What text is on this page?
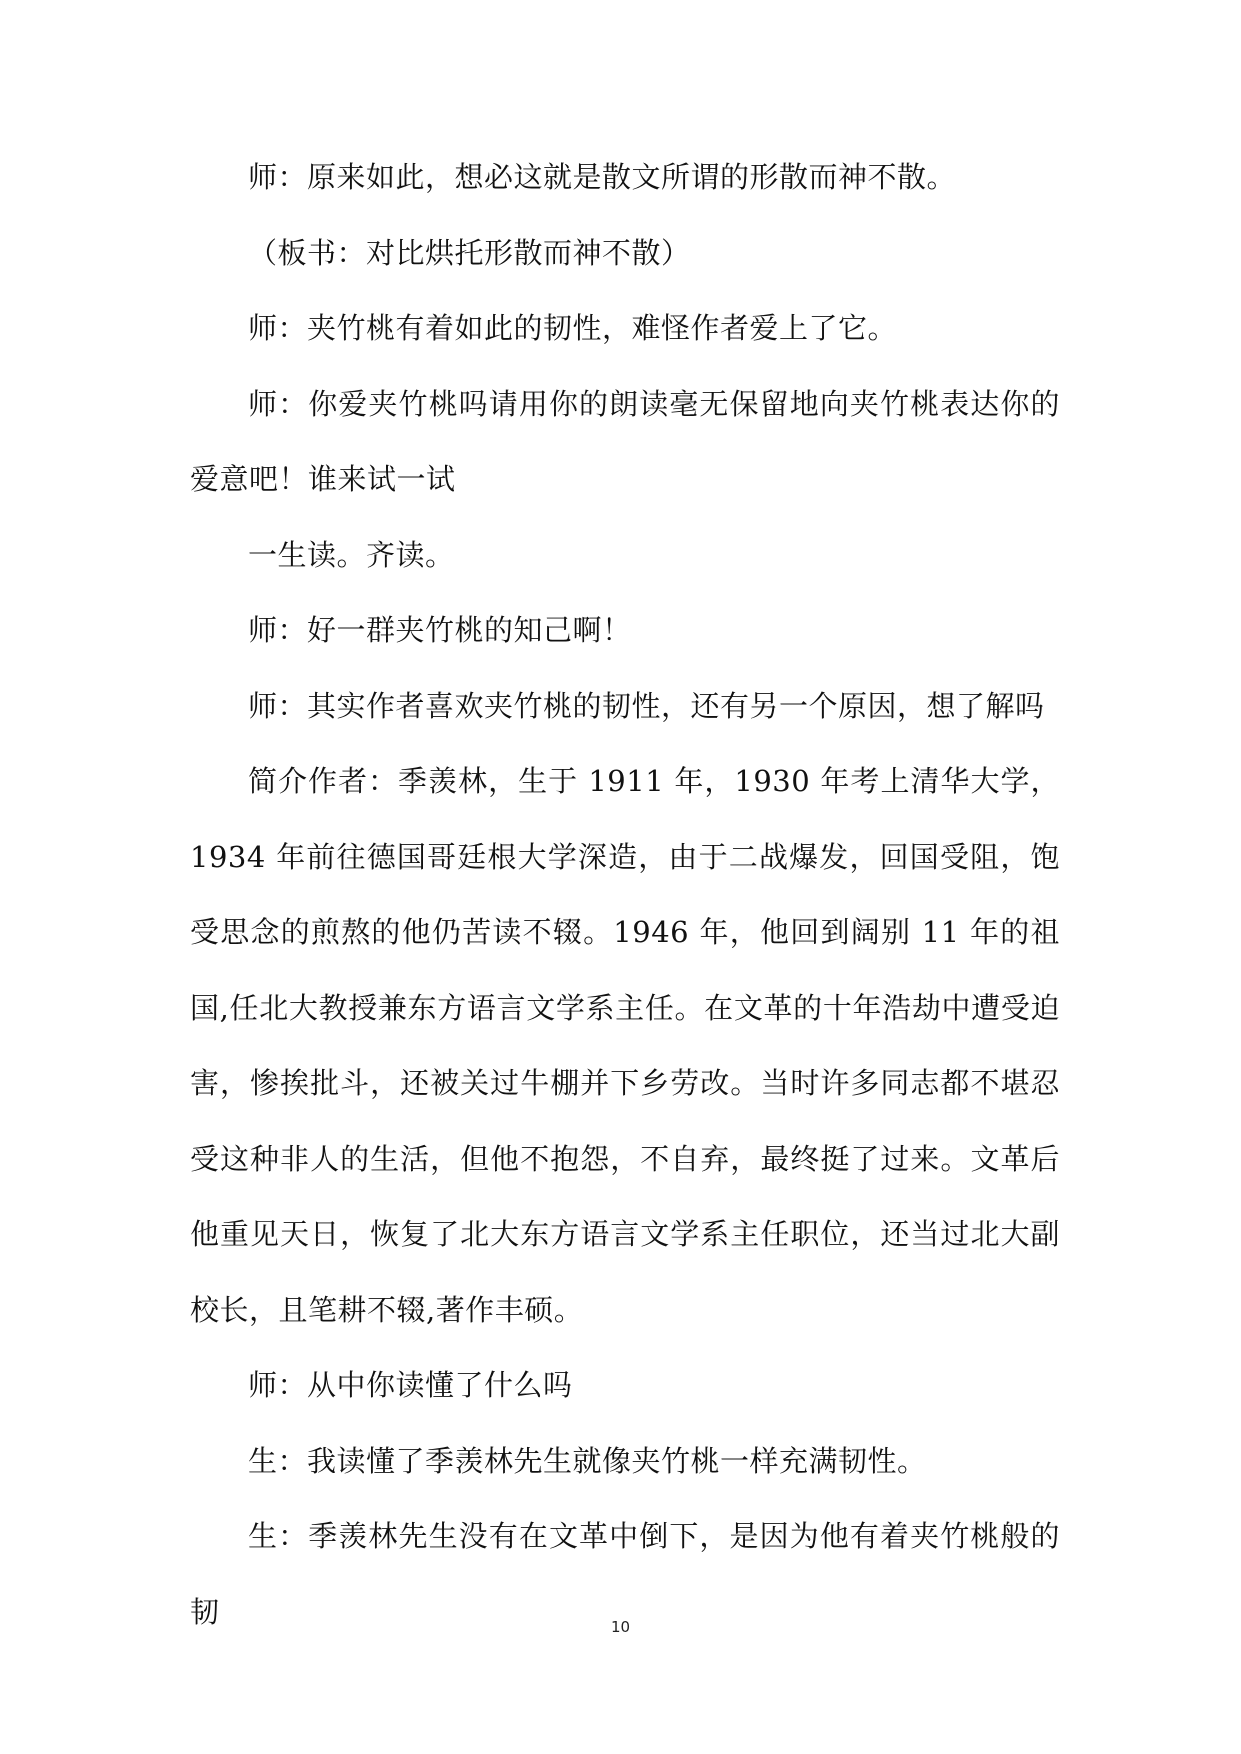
师：原来如此，想必这就是散文所谓的形散而神不散。

（板书：对比烘托形散而神不散）

师：夹竹桃有着如此的韧性，难怪作者爱上了它。

师：你爱夹竹桃吗请用你的朗读毫无保留地向夹竹桃表达你的爱意吧！谁来试一试

一生读。齐读。

师：好一群夹竹桃的知己啊！

师：其实作者喜欢夹竹桃的韧性，还有另一个原因，想了解吗

简介作者：季羡林，生于 1911 年，1930 年考上清华大学，1934 年前往德国哥廷根大学深造，由于二战爆发，回国受阻，饱受思念的煎熬的他仍苦读不辍。1946 年，他回到阔别 11 年的祖国,任北大教授兼东方语言文学系主任。在文革的十年浩劫中遭受迫害，惨挨批斗，还被关过牛棚并下乡劳改。当时许多同志都不堪忍受这种非人的生活，但他不抱怨，不自弃，最终挺了过来。文革后他重见天日，恢复了北大东方语言文学系主任职位，还当过北大副校长，且笔耕不辍,著作丰硕。

师：从中你读懂了什么吗

生：我读懂了季羡林先生就像夹竹桃一样充满韧性。

生：季羡林先生没有在文革中倒下，是因为他有着夹竹桃般的韧	10
